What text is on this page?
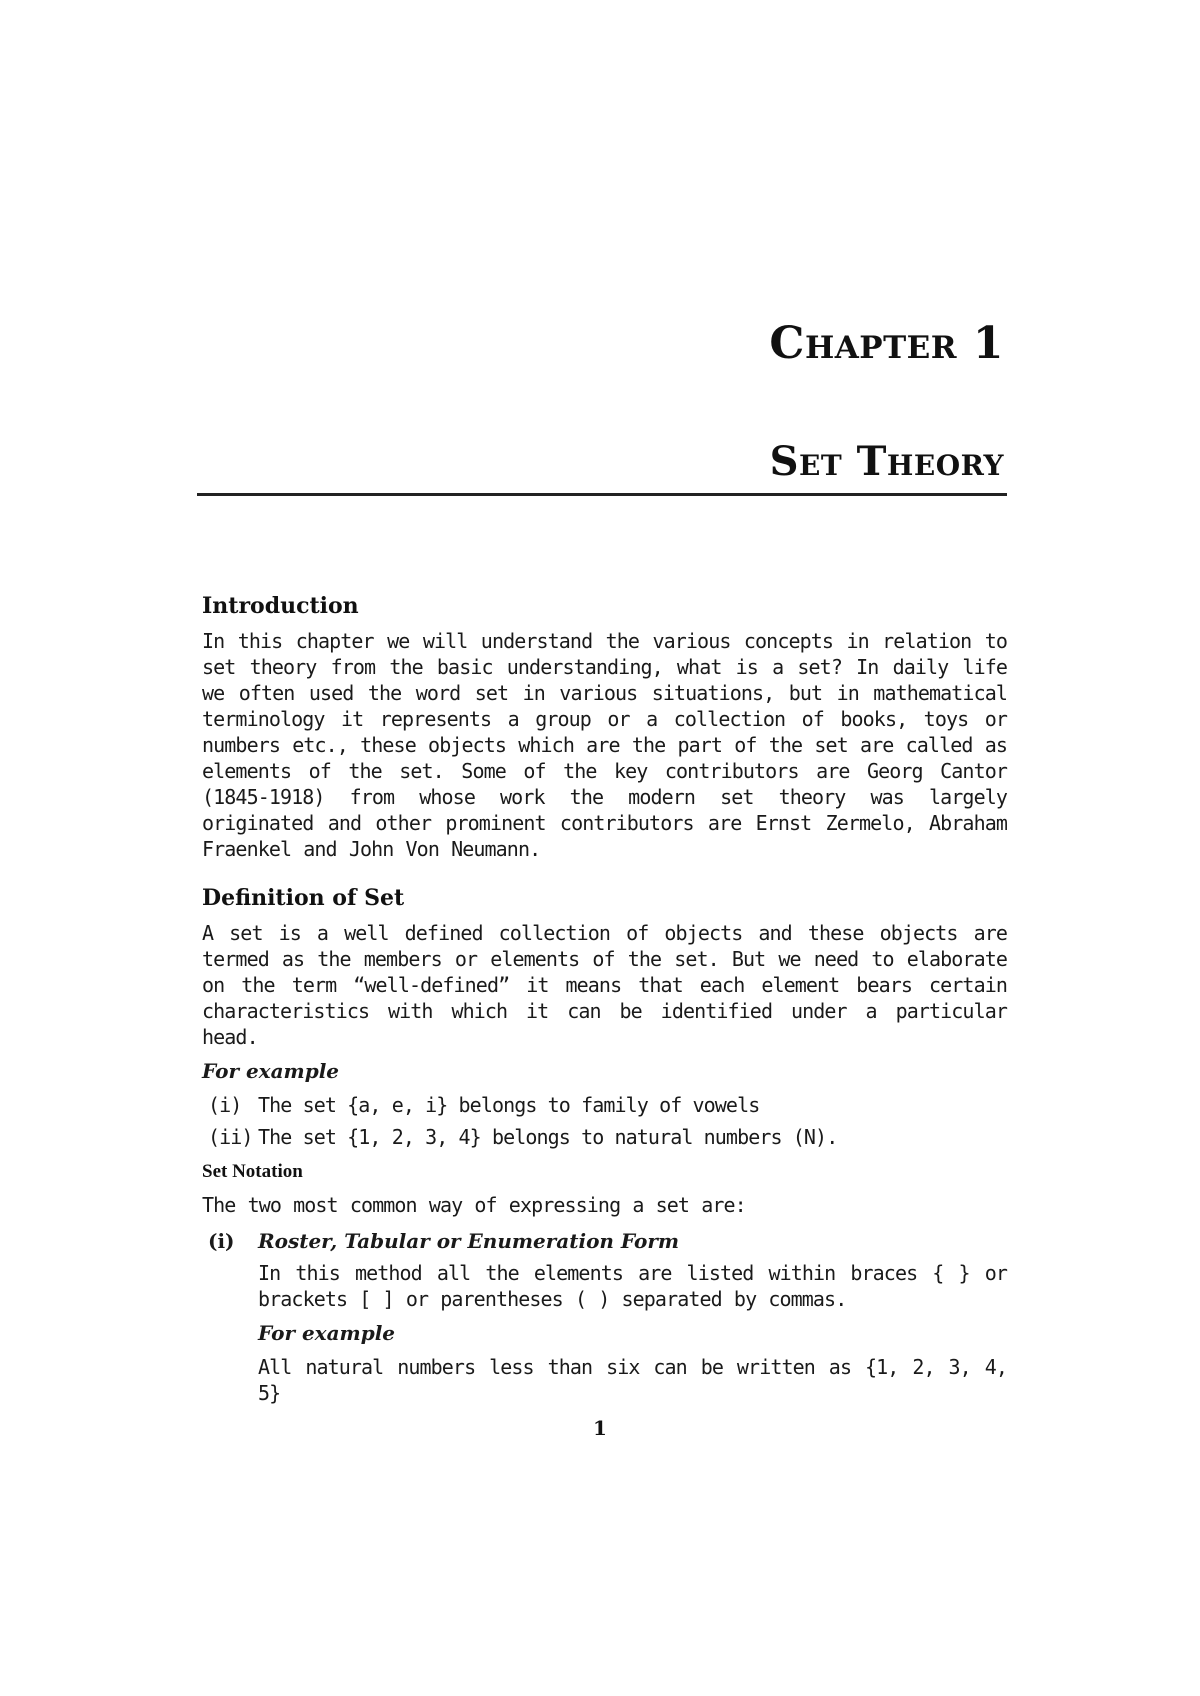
Chapter 1
Set Theory
Introduction

In this chapter we will understand the various concepts in relation to set theory from the basic understanding, what is a set? In daily life we often used the word set in various situations, but in mathematical terminology it represents a group or a collection of books, toys or numbers etc., these objects which are the part of the set are called as elements of the set. Some of the key contributors are Georg Cantor (1845-1918) from whose work the modern set theory was largely originated and other prominent contributors are Ernst Zermelo, Abraham Fraenkel and John Von Neumann.

Definition of Set

A set is a well defined collection of objects and these objects are termed as the members or elements of the set. But we need to elaborate on the term “well-defined” it means that each element bears certain characteristics with which it can be identified under a particular head.

For example
(i) The set {a, e, i} belongs to family of vowels
(ii) The set {1, 2, 3, 4} belongs to natural numbers (N).
Set Notation

The two most common way of expressing a set are:

(i)	Roster, Tabular or Enumeration Form

In this method all the elements are listed within braces { } or brackets [ ] or parentheses ( ) separated by commas.

For example

All natural numbers less than six can be written as {1, 2, 3, 4, 5}

1
